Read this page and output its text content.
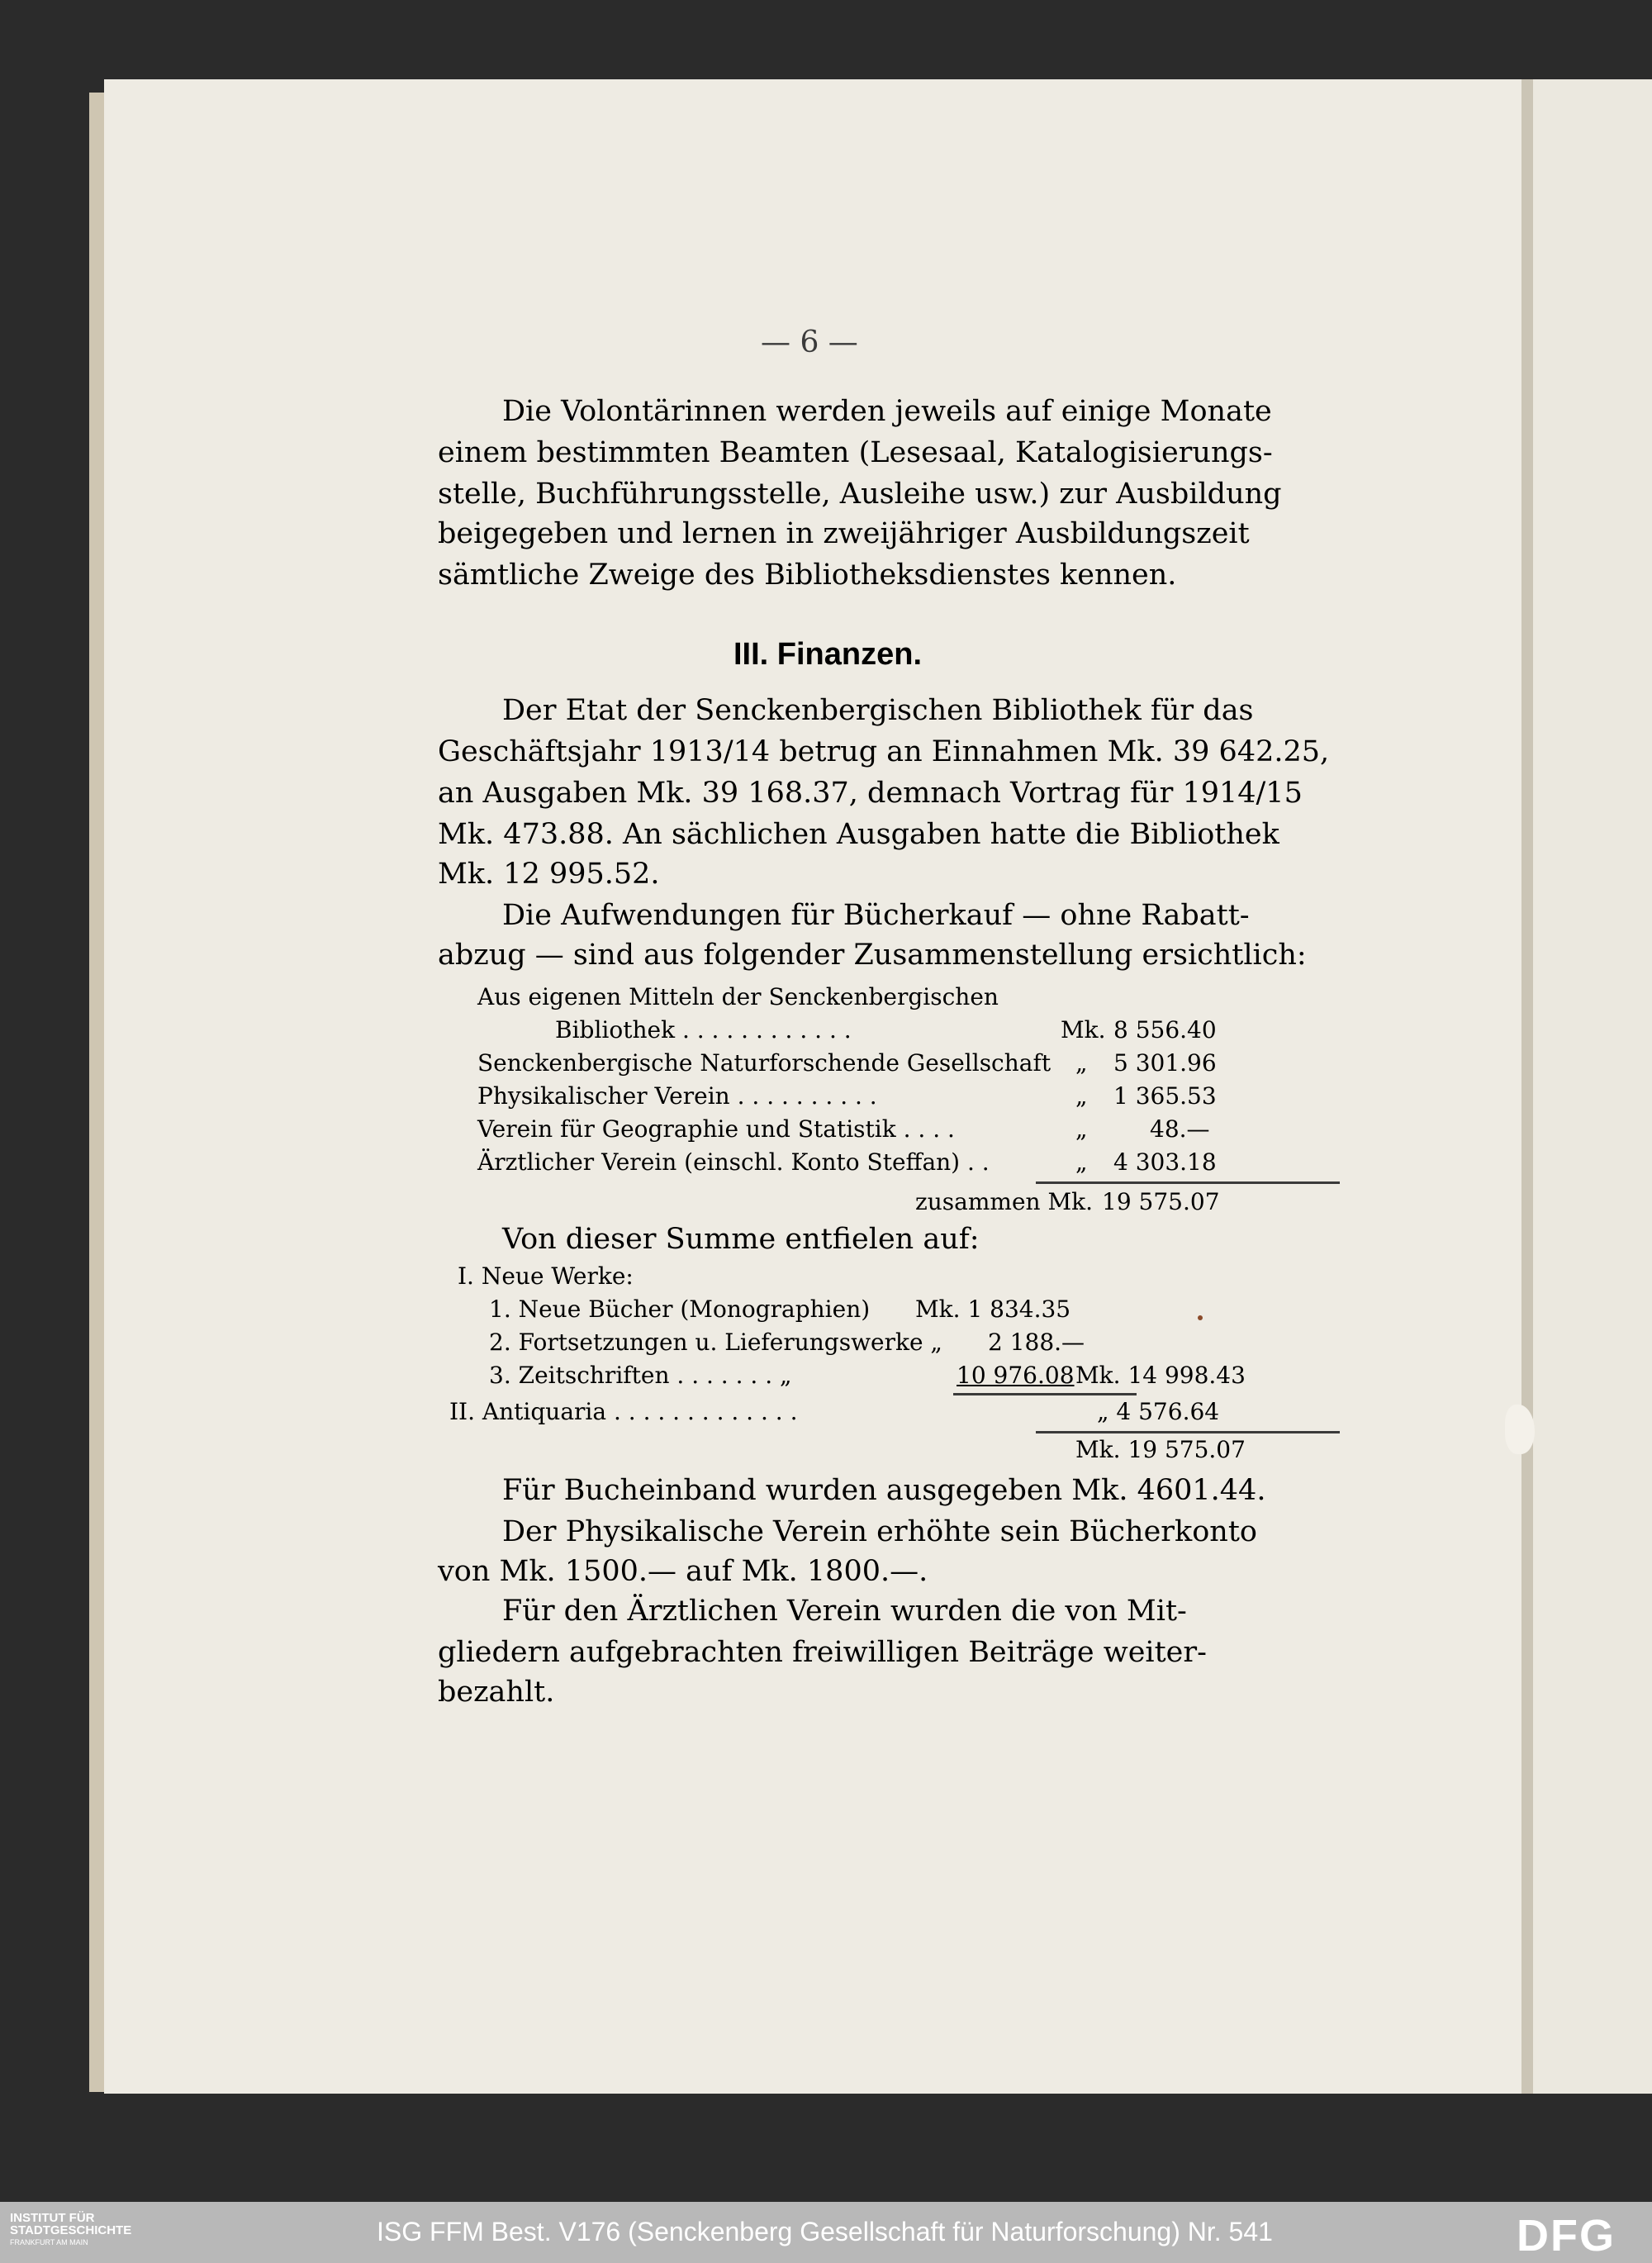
— 6 —
Die Volontärinnen werden jeweils auf einige Monate
einem bestimmten Beamten (Lesesaal, Katalogisierungs-
stelle, Buchführungsstelle, Ausleihe usw.) zur Ausbildung
beigegeben und lernen in zweijähriger Ausbildungszeit
sämtliche Zweige des Bibliotheksdienstes kennen.
III. Finanzen.
Der Etat der Senckenbergischen Bibliothek für das
Geschäftsjahr 1913/14 betrug an Einnahmen Mk. 39 642.25,
an Ausgaben Mk. 39 168.37, demnach Vortrag für 1914/15
Mk. 473.88. An sächlichen Ausgaben hatte die Bibliothek
Mk. 12 995.52.
Die Aufwendungen für Bücherkauf — ohne Rabatt-
abzug — sind aus folgender Zusammenstellung ersichtlich:
Aus eigenen Mitteln der Senckenbergischen
Bibliothek . . . . . . . . . . . .	Mk. 8 556.40
Senckenbergische Naturforschende Gesellschaft „ 5 301.96
Physikalischer Verein . . . . . . . . . .	„ 1 365.53
Verein für Geographie und Statistik . . . .	„	48.—
Ärztlicher Verein (einschl. Konto Steffan) . .	„ 4 303.18
zusammen Mk. 19 575.07
Von dieser Summe entfielen auf:
I. Neue Werke:
1. Neue Bücher (Monographien) Mk. 1 834.35
2. Fortsetzungen u. Lieferungswerke „ 2 188.—
3. Zeitschriften . . . . . . . „	10 976.08 Mk. 14 998.43
II. Antiquaria . . . . . . . . . . . . .	„ 4 576.64
Mk. 19 575.07
Für Bucheinband wurden ausgegeben Mk. 4601.44.
Der Physikalische Verein erhöhte sein Bücherkonto
von Mk. 1500.— auf Mk. 1800.—.
Für den Ärztlichen Verein wurden die von Mit-
gliedern aufgebrachten freiwilligen Beiträge weiter-
bezahlt.
INSTITUT FÜR
STADTGESCHICHTE
FRANKFURT AM MAIN	ISG FFM Best. V176 (Senckenberg Gesellschaft für Naturforschung) Nr. 541	DFG
